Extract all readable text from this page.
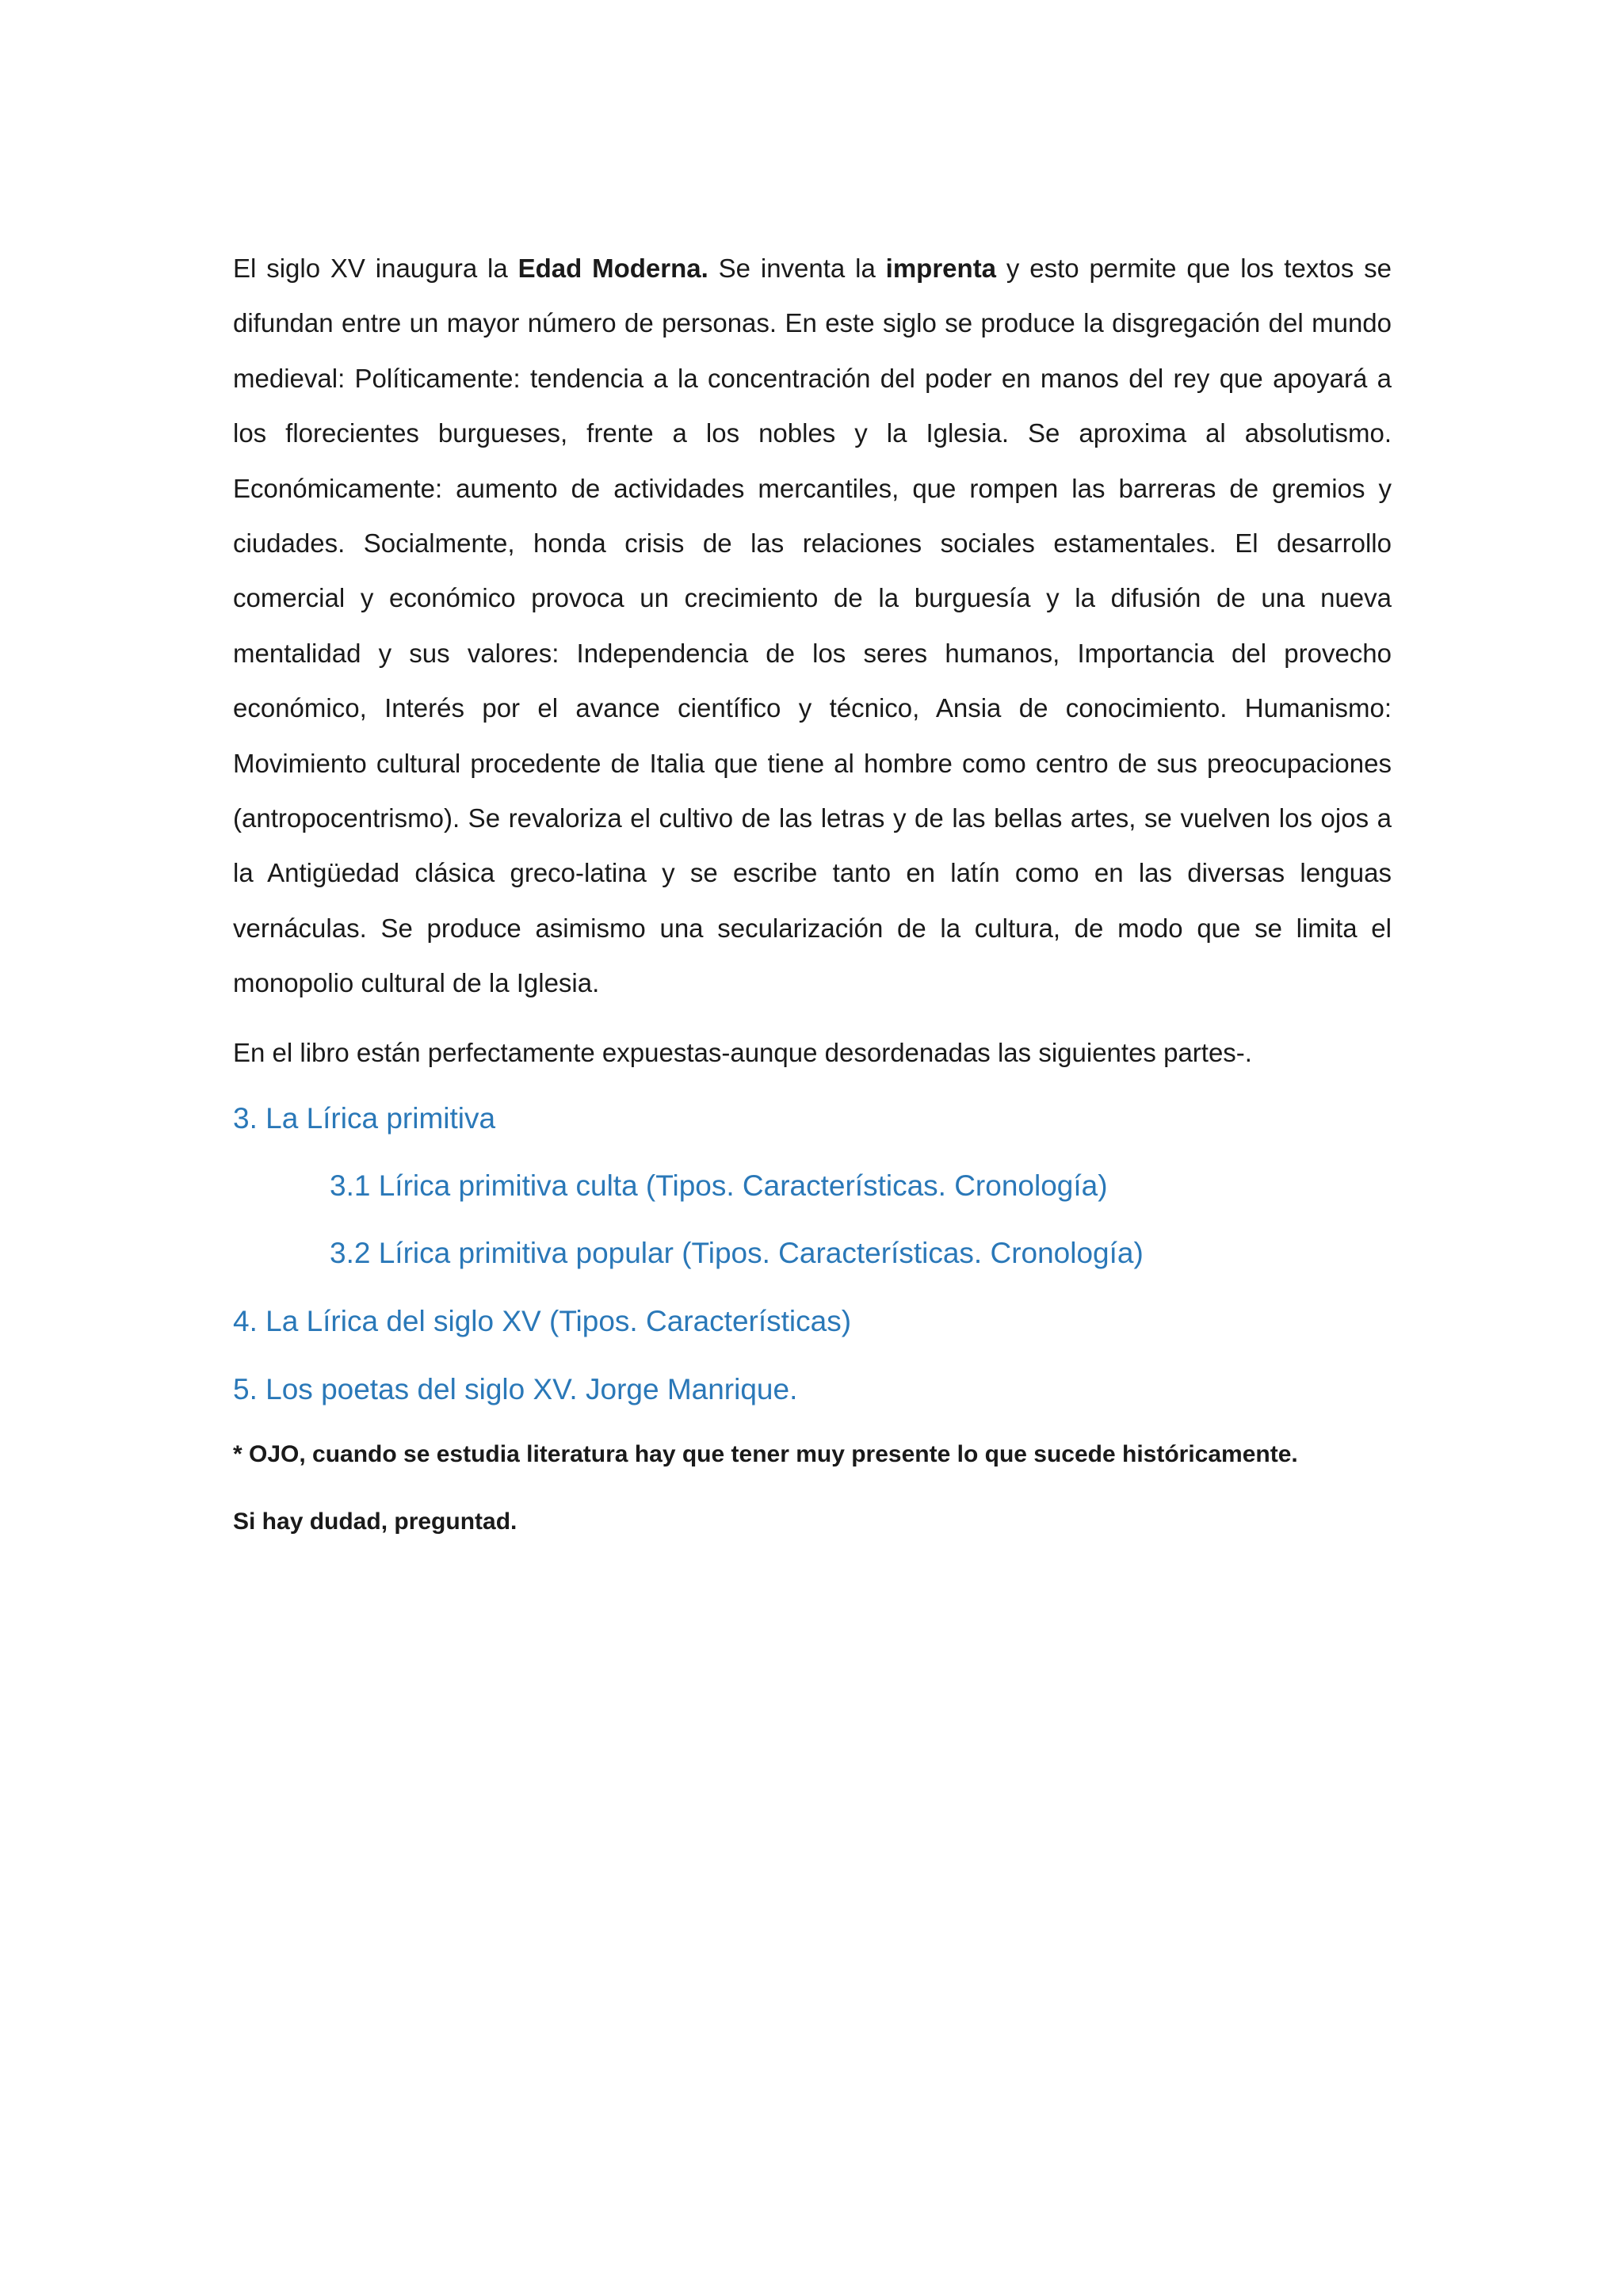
El siglo XV inaugura la Edad Moderna. Se inventa la imprenta y esto permite que los textos se difundan entre un mayor número de personas. En este siglo se produce la disgregación del mundo medieval: Políticamente: tendencia a la concentración del poder en manos del rey que apoyará a los florecientes burgueses, frente a los nobles y la Iglesia. Se aproxima al absolutismo. Económicamente: aumento de actividades mercantiles, que rompen las barreras de gremios y ciudades. Socialmente, honda crisis de las relaciones sociales estamentales. El desarrollo comercial y económico provoca un crecimiento de la burguesía y la difusión de una nueva mentalidad y sus valores: Independencia de los seres humanos, Importancia del provecho económico, Interés por el avance científico y técnico, Ansia de conocimiento. Humanismo: Movimiento cultural procedente de Italia que tiene al hombre como centro de sus preocupaciones (antropocentrismo). Se revaloriza el cultivo de las letras y de las bellas artes, se vuelven los ojos a la Antigüedad clásica greco-latina y se escribe tanto en latín como en las diversas lenguas vernáculas. Se produce asimismo una secularización de la cultura, de modo que se limita el monopolio cultural de la Iglesia.

En el libro están perfectamente expuestas-aunque desordenadas las siguientes partes-.

3. La Lírica primitiva

3.1 Lírica primitiva culta (Tipos. Características. Cronología)

3.2 Lírica primitiva popular (Tipos. Características. Cronología)

4. La Lírica del siglo XV (Tipos. Características)

5. Los poetas del siglo XV. Jorge Manrique.

* OJO, cuando se estudia literatura hay que tener muy presente lo que sucede históricamente.

Si hay dudad, preguntad.
